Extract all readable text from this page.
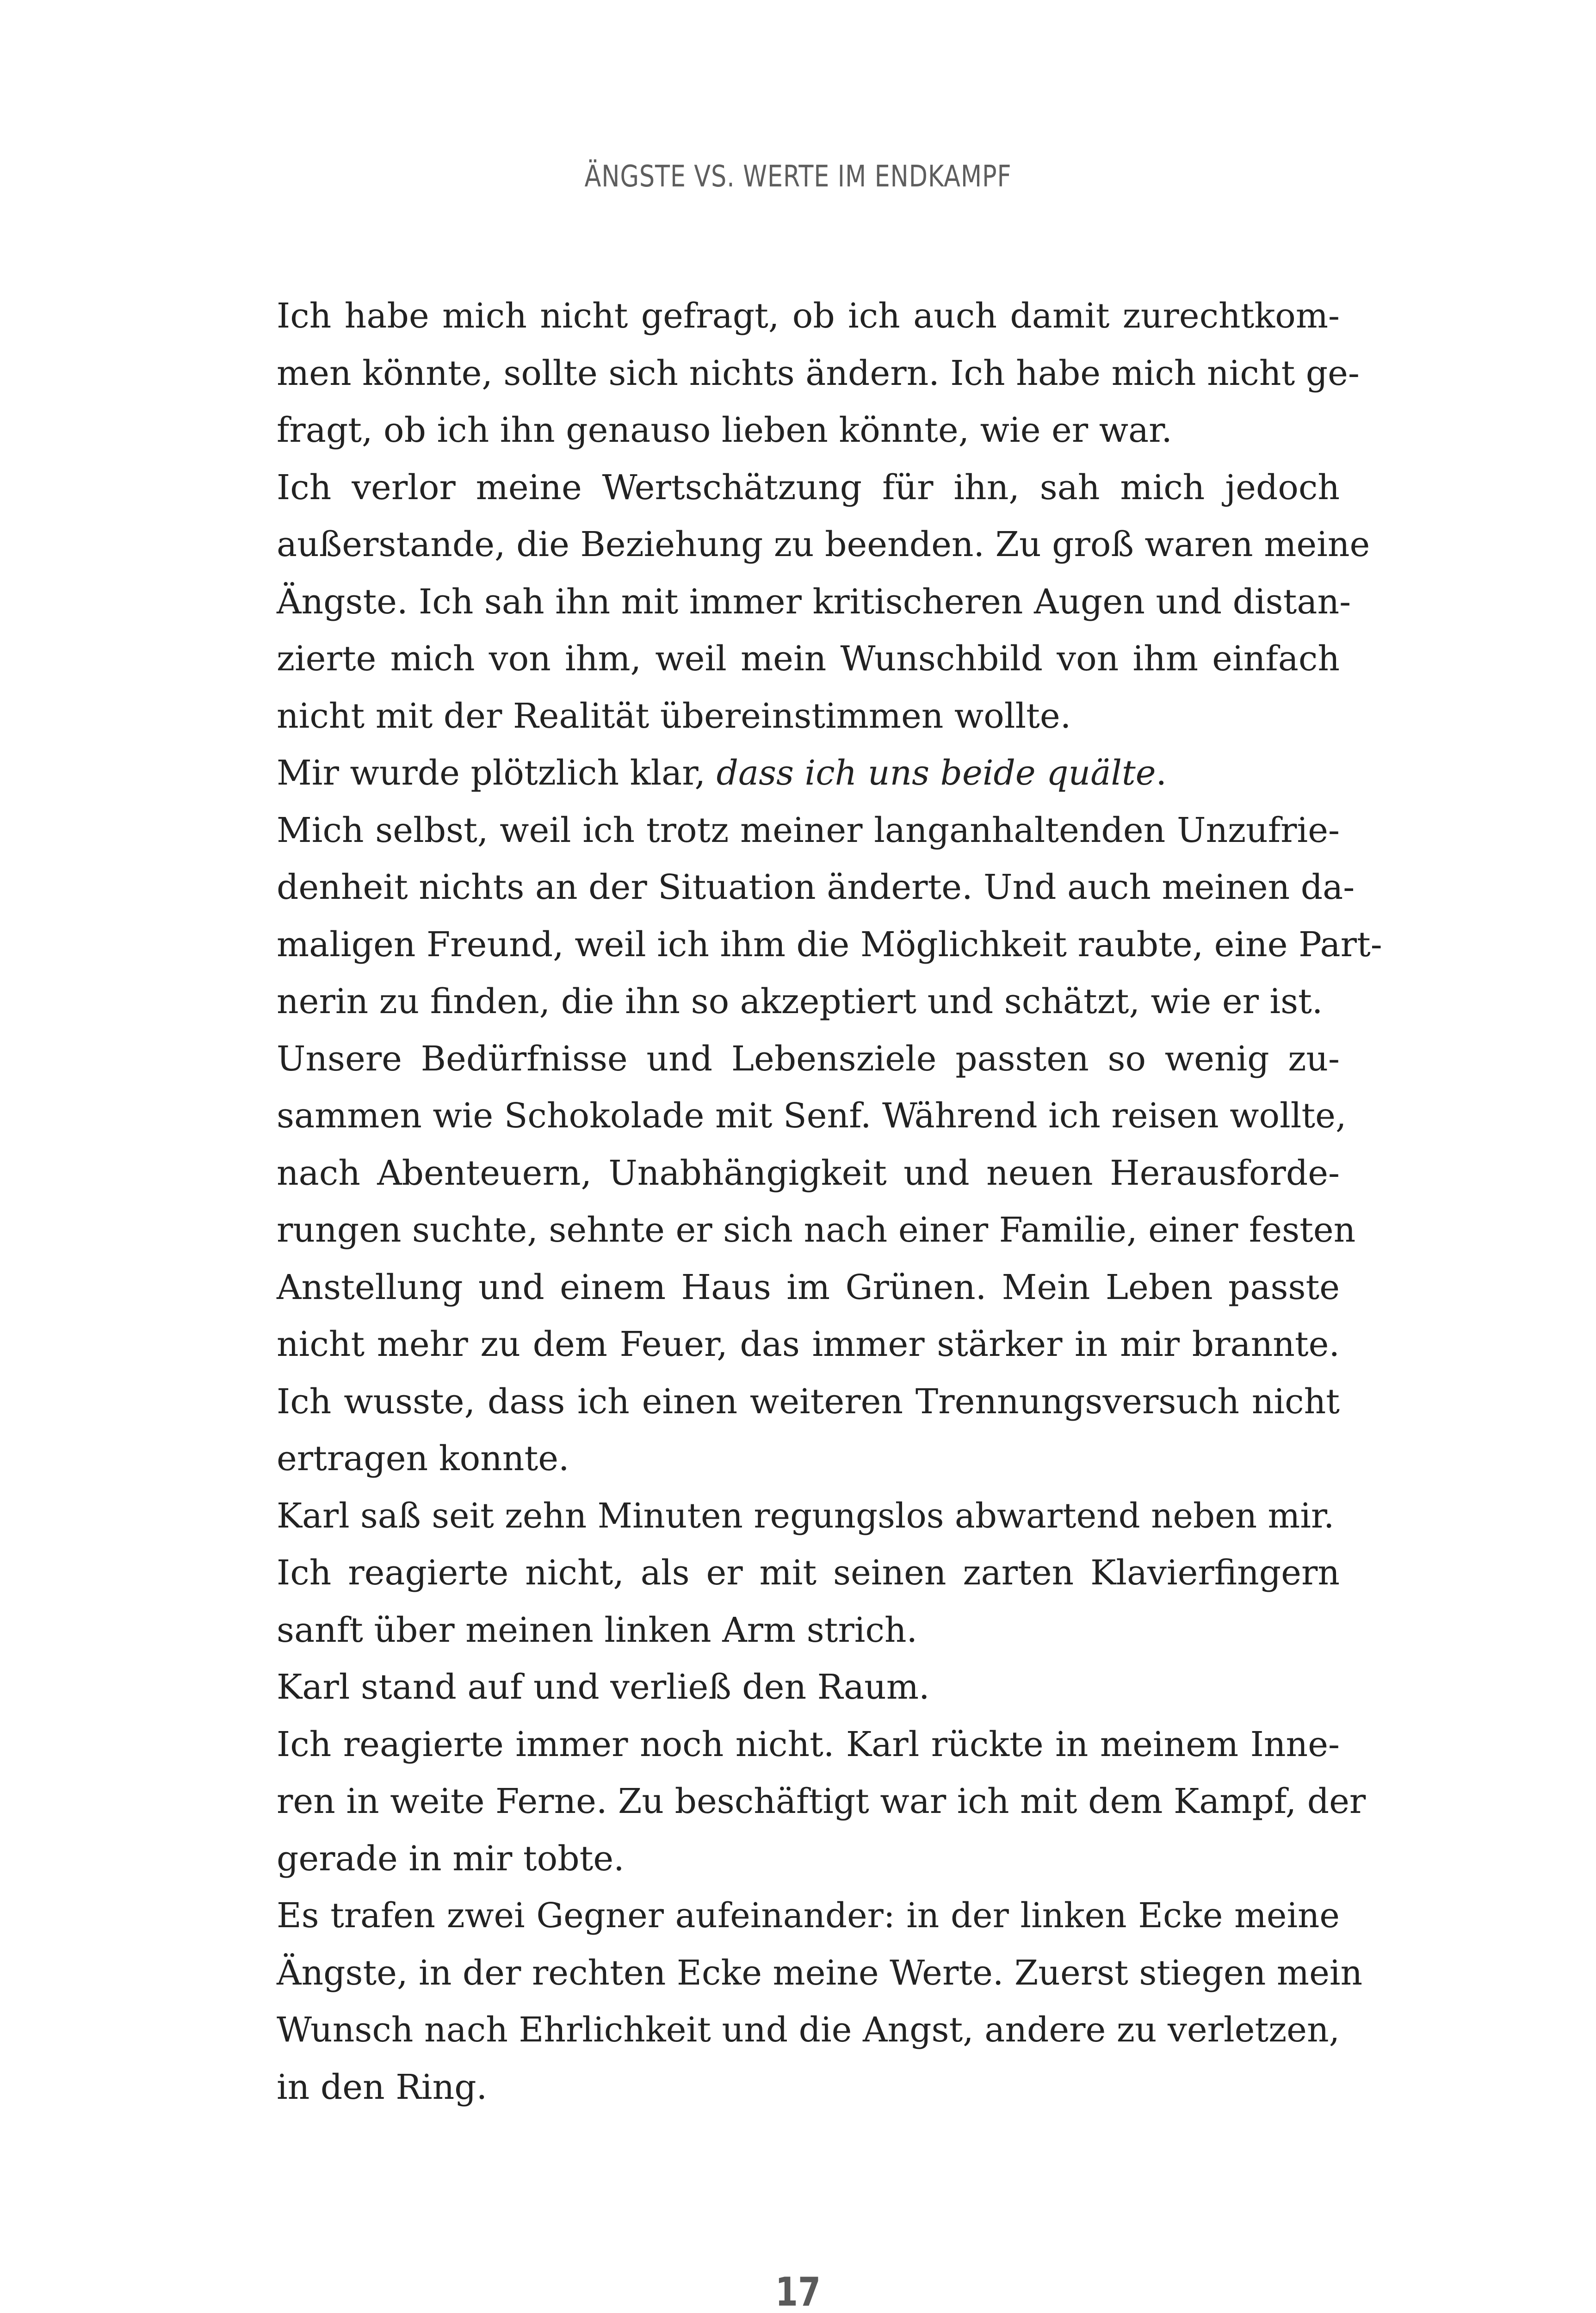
ÄNGSTE VS. WERTE IM ENDKAMPF

Ich habe mich nicht gefragt, ob ich auch damit zurechtkom-
men könnte, sollte sich nichts ändern. Ich habe mich nicht ge-
fragt, ob ich ihn genauso lieben könnte, wie er war.

Ich verlor meine Wertschätzung für ihn, sah mich jedoch
außerstande, die Beziehung zu beenden. Zu groß waren meine
Ängste. Ich sah ihn mit immer kritischeren Augen und distan-
zierte mich von ihm, weil mein Wunschbild von ihm einfach
nicht mit der Realität übereinstimmen wollte.

Mir wurde plötzlich klar, dass ich uns beide quälte.

Mich selbst, weil ich trotz meiner langanhaltenden Unzufrie-
denheit nichts an der Situation änderte. Und auch meinen da-
maligen Freund, weil ich ihm die Möglichkeit raubte, eine Part-
nerin zu finden, die ihn so akzeptiert und schätzt, wie er ist.

Unsere Bedürfnisse und Lebensziele passten so wenig zu-
sammen wie Schokolade mit Senf. Während ich reisen wollte,
nach Abenteuern, Unabhängigkeit und neuen Herausforde-
rungen suchte, sehnte er sich nach einer Familie, einer festen
Anstellung und einem Haus im Grünen. Mein Leben passte
nicht mehr zu dem Feuer, das immer stärker in mir brannte.
Ich wusste, dass ich einen weiteren Trennungsversuch nicht
ertragen konnte.

Karl saß seit zehn Minuten regungslos abwartend neben mir.

Ich reagierte nicht, als er mit seinen zarten Klavierfingern
sanft über meinen linken Arm strich.

Karl stand auf und verließ den Raum.

Ich reagierte immer noch nicht. Karl rückte in meinem Inne-
ren in weite Ferne. Zu beschäftigt war ich mit dem Kampf, der
gerade in mir tobte.

Es trafen zwei Gegner aufeinander: in der linken Ecke meine
Ängste, in der rechten Ecke meine Werte. Zuerst stiegen mein
Wunsch nach Ehrlichkeit und die Angst, andere zu verletzen,
in den Ring.

17
